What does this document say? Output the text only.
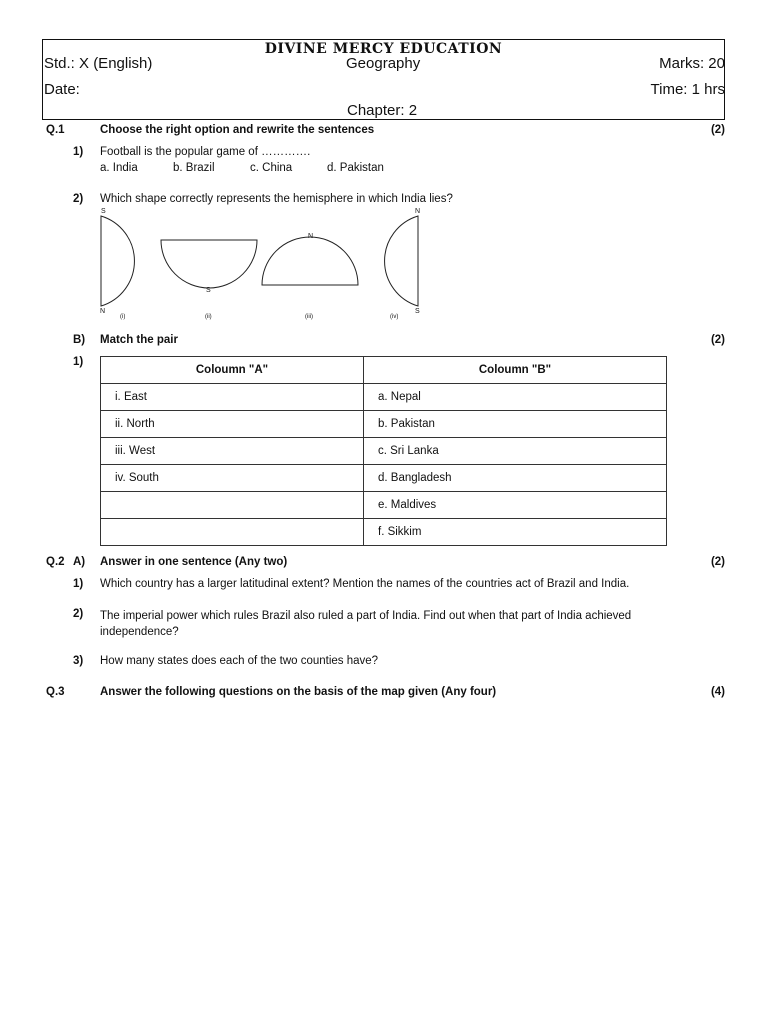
DIVINE MERCY EDUCATION
Std.: X (English)	Geography	Marks: 20
Date:	Time: 1 hrs
Chapter: 2
Q.1	Choose the right option and rewrite the sentences	(2)
1) Football is the popular game of ………….
a. India	b. Brazil	c. China	d. Pakistan
2) Which shape correctly represents the hemisphere in which India lies?
S
N
S
N
N
S
(i)	(ii)	(iii)	(iv)
B) Match the pair	(2)
1)
Coloumn "A"	Coloumn "B"
i. East	a. Nepal
ii. North	b. Pakistan
iii. West	c. Sri Lanka
iv. South	d. Bangladesh
	e. Maldives
	f. Sikkim
Q.2 A) Answer in one sentence (Any two)	(2)
1) Which country has a larger latitudinal extent? Mention the names of the countries act of Brazil and India.
2) The imperial power which rules Brazil also ruled a part of India. Find out when that part of India achieved independence?
3) How many states does each of the two counties have?
Q.3	Answer the following questions on the basis of the map given (Any four)	(4)
